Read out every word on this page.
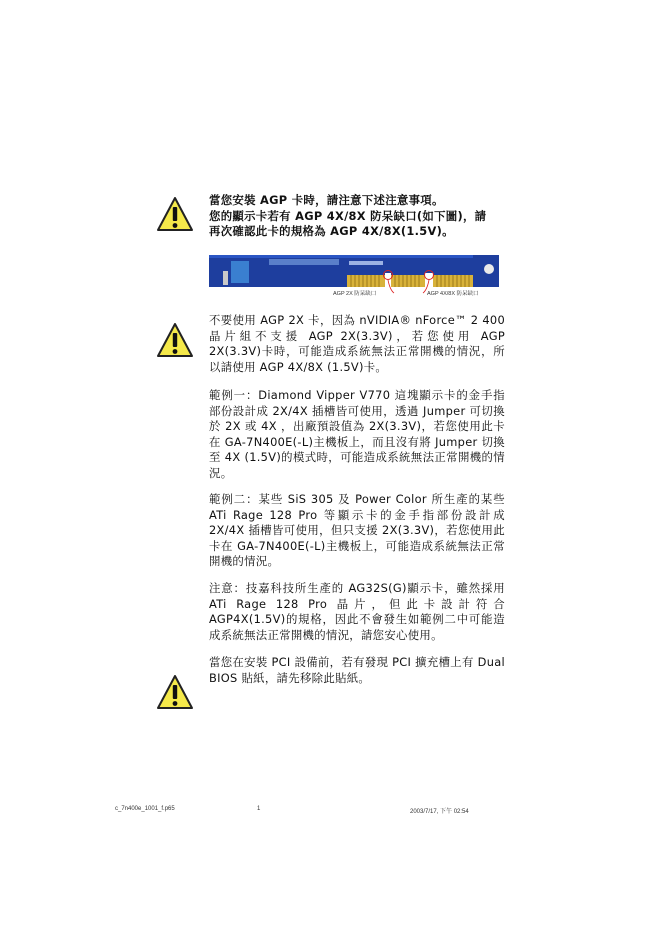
當您安裝 AGP 卡時，請注意下述注意事項。
您的顯示卡若有 AGP 4X/8X 防呆缺口(如下圖)，請
再次確認此卡的規格為 AGP 4X/8X(1.5V)。
AGP 2X 防呆缺口	AGP 4X/8X 防呆缺口
不要使用 AGP 2X 卡，因為 nVIDIA® nForce™ 2 400 晶片組不支援 AGP 2X(3.3V)，若您使用 AGP 2X(3.3V)卡時，可能造成系統無法正常開機的情況，所以請使用 AGP 4X/8X (1.5V)卡。
範例一：Diamond Vipper V770 這塊顯示卡的金手指部份設計成 2X/4X 插槽皆可使用，透過 Jumper 可切換於 2X 或 4X ，出廠預設值為 2X(3.3V)，若您使用此卡在 GA-7N400E(-L)主機板上，而且沒有將 Jumper 切換至 4X (1.5V)的模式時，可能造成系統無法正常開機的情況。
範例二：某些 SiS 305 及 Power Color 所生產的某些 ATi Rage 128 Pro 等顯示卡的金手指部份設計成 2X/4X 插槽皆可使用，但只支援 2X(3.3V)，若您使用此卡在 GA-7N400E(-L)主機板上，可能造成系統無法正常開機的情況。
注意：技嘉科技所生產的 AG32S(G)顯示卡，雖然採用 ATi Rage 128 Pro 晶片，但此卡設計符合 AGP4X(1.5V)的規格，因此不會發生如範例二中可能造成系統無法正常開機的情況，請您安心使用。
當您在安裝 PCI 設備前，若有發現 PCI 擴充槽上有 Dual BIOS 貼紙，請先移除此貼紙。
c_7n400e_1001_f.p65	1	2003/7/17, 下午 02:54
